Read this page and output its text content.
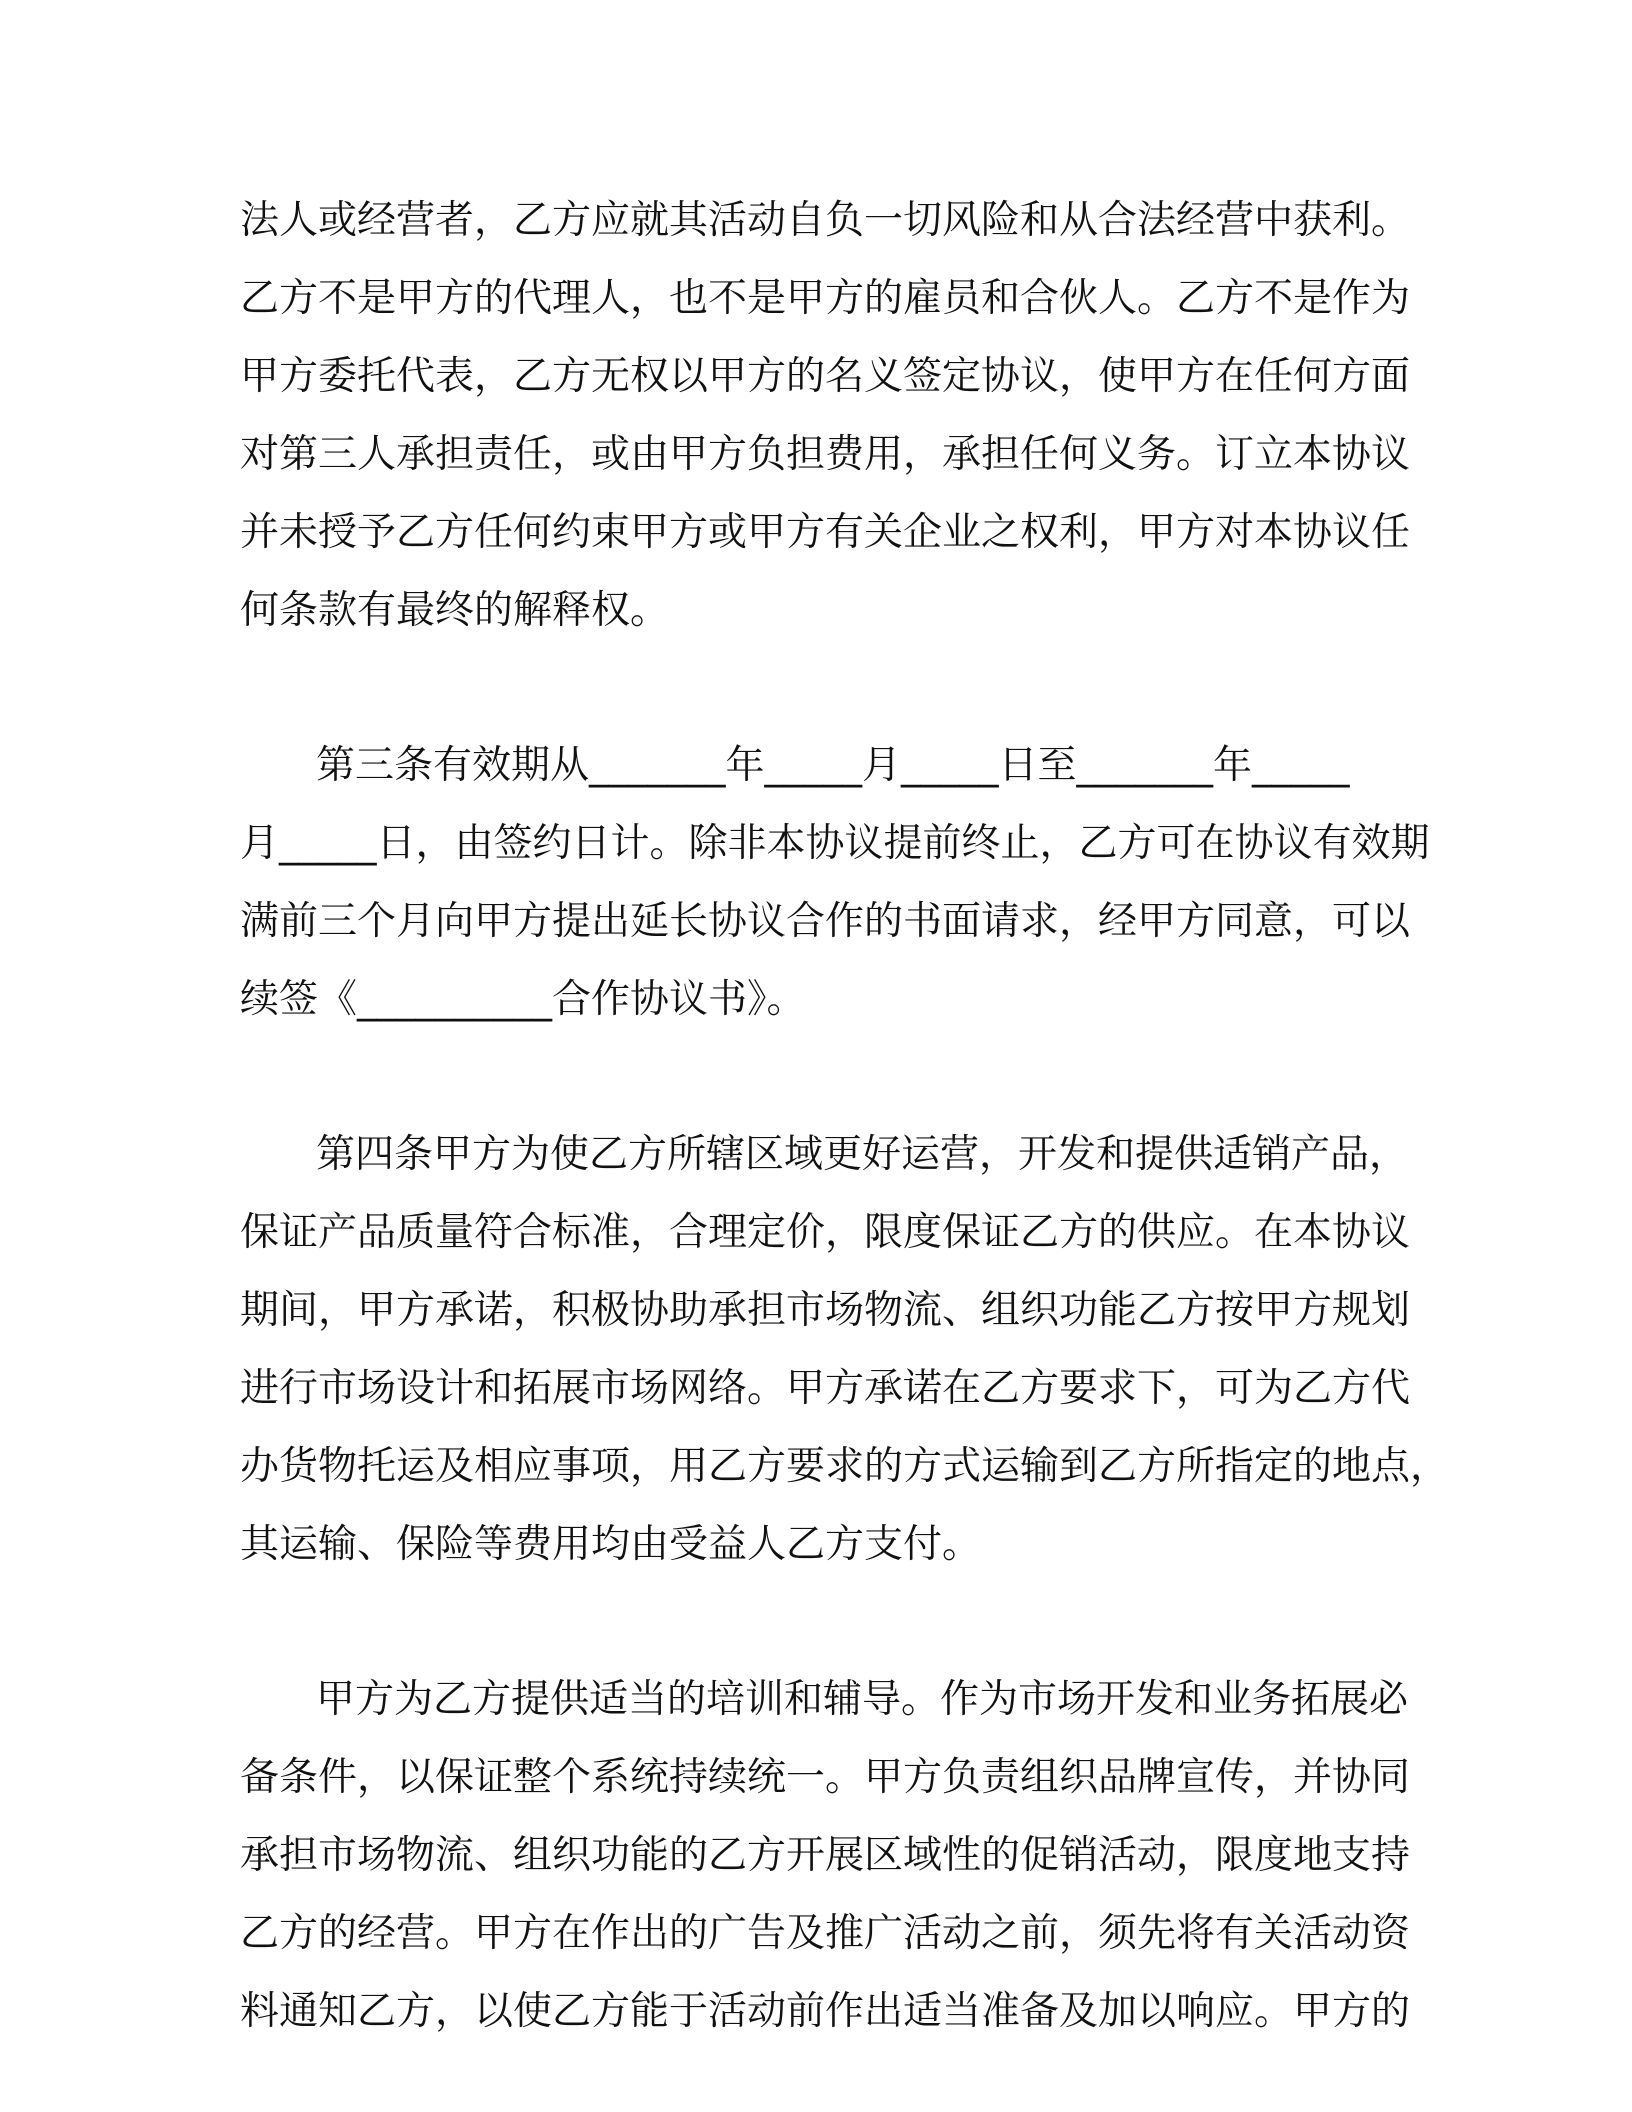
法人或经营者，乙方应就其活动自负一切风险和从合法经营中获利。
乙方不是甲方的代理人，也不是甲方的雇员和合伙人。乙方不是作为
甲方委托代表，乙方无权以甲方的名义签定协议，使甲方在任何方面
对第三人承担责任，或由甲方负担费用，承担任何义务。订立本协议
并未授予乙方任何约束甲方或甲方有关企业之权利，甲方对本协议任
何条款有最终的解释权。
第三条有效期从_______年_____月_____日至_______年_____
月_____日，由签约日计。除非本协议提前终止，乙方可在协议有效期
满前三个月向甲方提出延长协议合作的书面请求，经甲方同意，可以
续签《__________合作协议书》。
第四条甲方为使乙方所辖区域更好运营，开发和提供适销产品，
保证产品质量符合标准，合理定价，限度保证乙方的供应。在本协议
期间，甲方承诺，积极协助承担市场物流、组织功能乙方按甲方规划
进行市场设计和拓展市场网络。甲方承诺在乙方要求下，可为乙方代
办货物托运及相应事项，用乙方要求的方式运输到乙方所指定的地点，
其运输、保险等费用均由受益人乙方支付。
甲方为乙方提供适当的培训和辅导。作为市场开发和业务拓展必
备条件，以保证整个系统持续统一。甲方负责组织品牌宣传，并协同
承担市场物流、组织功能的乙方开展区域性的促销活动，限度地支持
乙方的经营。甲方在作出的广告及推广活动之前，须先将有关活动资
料通知乙方，以使乙方能于活动前作出适当准备及加以响应。甲方的
